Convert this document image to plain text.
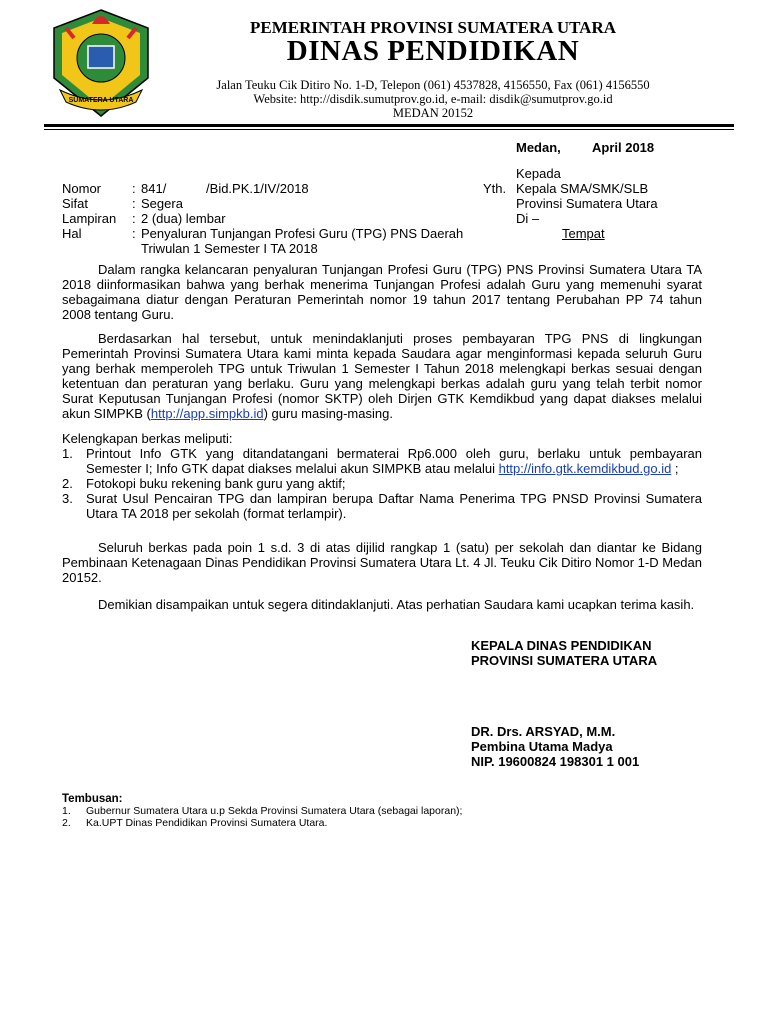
SUMATERA UTARA
PEMERINTAH PROVINSI SUMATERA UTARA
DINAS PENDIDIKAN
Jalan Teuku Cik Ditiro No. 1-D, Telepon (061) 4537828, 4156550, Fax (061) 4156550
Website: http://disdik.sumutprov.go.id, e-mail: disdik@sumutprov.go.id
MEDAN 20152
Medan, April 2018
Yth.
Kepada
Kepala SMA/SMK/SLB
Provinsi Sumatera Utara
Di –
Tempat
Nomor : 841/           /Bid.PK.1/IV/2018
Sifat	: Segera
Lampiran : 2 (dua) lembar
Hal	: Penyaluran Tunjangan Profesi Guru (TPG) PNS Daerah Triwulan 1 Semester I TA 2018
Dalam rangka kelancaran penyaluran Tunjangan Profesi Guru (TPG) PNS Provinsi Sumatera Utara TA 2018 diinformasikan bahwa yang berhak menerima Tunjangan Profesi adalah Guru yang memenuhi syarat sebagaimana diatur dengan Peraturan Pemerintah nomor 19 tahun 2017 tentang Perubahan PP 74 tahun 2008 tentang Guru.
Berdasarkan hal tersebut, untuk menindaklanjuti proses pembayaran TPG PNS di lingkungan Pemerintah Provinsi Sumatera Utara kami minta kepada Saudara agar menginformasi kepada seluruh Guru yang berhak memperoleh TPG untuk Triwulan 1 Semester I Tahun 2018 melengkapi berkas sesuai dengan ketentuan dan peraturan yang berlaku. Guru yang melengkapi berkas adalah guru yang telah terbit nomor Surat Keputusan Tunjangan Profesi (nomor SKTP) oleh Dirjen GTK Kemdikbud yang dapat diakses melalui akun SIMPKB (http://app.simpkb.id) guru masing-masing.
Kelengkapan berkas meliputi:
1. Printout Info GTK yang ditandatangani bermaterai Rp6.000 oleh guru, berlaku untuk pembayaran Semester I; Info GTK dapat diakses melalui akun SIMPKB atau melalui http://info.gtk.kemdikbud.go.id ;
2. Fotokopi buku rekening bank guru yang aktif;
3. Surat Usul Pencairan TPG dan lampiran berupa Daftar Nama Penerima TPG PNSD Provinsi Sumatera Utara TA 2018 per sekolah (format terlampir).
Seluruh berkas pada poin 1 s.d. 3 di atas dijilid rangkap 1 (satu) per sekolah dan diantar ke Bidang Pembinaan Ketenagaan Dinas Pendidikan Provinsi Sumatera Utara Lt. 4 Jl. Teuku Cik Ditiro Nomor 1-D Medan 20152.
Demikian disampaikan untuk segera ditindaklanjuti. Atas perhatian Saudara kami ucapkan terima kasih.
KEPALA DINAS PENDIDIKAN
PROVINSI SUMATERA UTARA
DR. Drs. ARSYAD, M.M.
Pembina Utama Madya
NIP. 19600824 198301 1 001
Tembusan:
1. Gubernur Sumatera Utara u.p Sekda Provinsi Sumatera Utara (sebagai laporan);
2. Ka.UPT Dinas Pendidikan Provinsi Sumatera Utara.
